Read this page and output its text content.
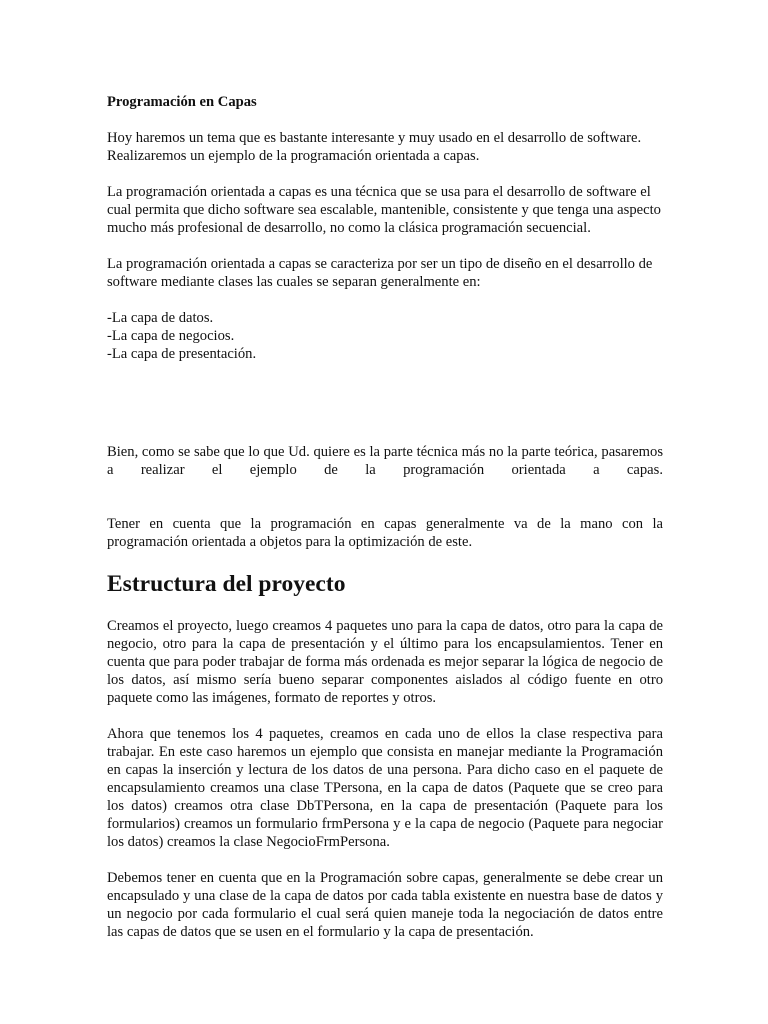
Programación en Capas

Hoy haremos un tema que es bastante interesante y muy usado en el desarrollo de software. Realizaremos un ejemplo de la programación orientada a capas.

La programación orientada a capas es una técnica que se usa para el desarrollo de software el cual permita que dicho software sea escalable, mantenible, consistente y que tenga una aspecto mucho más profesional de desarrollo, no como la clásica programación secuencial.

La programación orientada a capas se caracteriza por ser un tipo de diseño en el desarrollo de software mediante clases las cuales se separan generalmente en:

-La capa de datos.

-La capa de negocios.

-La capa de presentación.

Bien, como se sabe que lo que Ud. quiere es la parte técnica más no la parte teórica, pasaremos a realizar el ejemplo de la programación orientada a capas.

Tener en cuenta que la programación en capas generalmente va de la mano con la programación orientada a objetos para la optimización de este.

Estructura del proyecto

Creamos el proyecto, luego creamos 4 paquetes uno para la capa de datos, otro para la capa de negocio, otro para la capa de presentación y el último para los encapsulamientos. Tener en cuenta que para poder trabajar de forma más ordenada es mejor separar la lógica de negocio de los datos, así mismo sería bueno separar componentes aislados al código fuente en otro paquete como las imágenes, formato de reportes y otros.

Ahora que tenemos los 4 paquetes, creamos en cada uno de ellos la clase respectiva para trabajar. En este caso haremos un ejemplo que consista en manejar mediante la Programación en capas la inserción y lectura de los datos de una persona. Para dicho caso en el paquete de encapsulamiento creamos una clase TPersona, en la capa de datos (Paquete que se creo para los datos) creamos otra clase DbTPersona, en la capa de presentación (Paquete para los formularios) creamos un formulario frmPersona y e la capa de negocio (Paquete para negociar los datos) creamos la clase NegocioFrmPersona.

Debemos tener en cuenta que en la Programación sobre capas, generalmente se debe crear un encapsulado y una clase de la capa de datos por cada tabla existente en nuestra base de datos y un negocio por cada formulario el cual será quien maneje toda la negociación de datos entre las capas de datos que se usen en el formulario y la capa de presentación.
